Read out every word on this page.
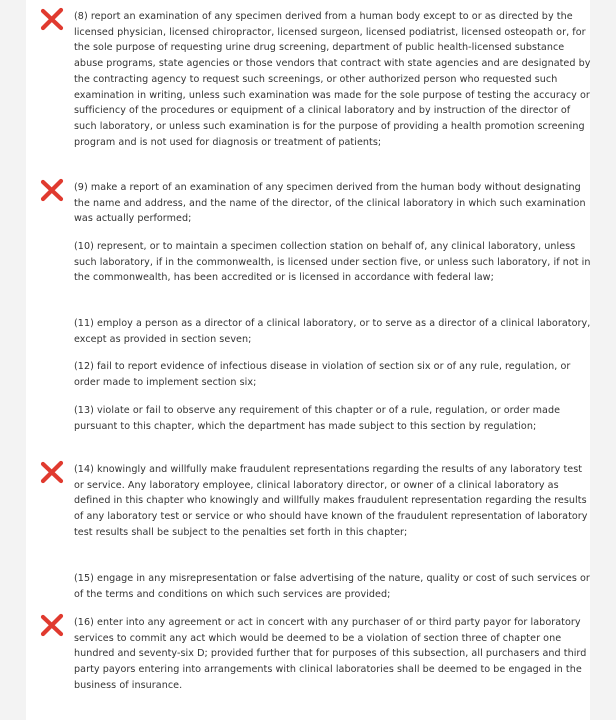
(8) report an examination of any specimen derived from a human body except to or as directed by the licensed physician, licensed chiropractor, licensed surgeon, licensed podiatrist, licensed osteopath or, for the sole purpose of requesting urine drug screening, department of public health-licensed substance abuse programs, state agencies or those vendors that contract with state agencies and are designated by the contracting agency to request such screenings, or other authorized person who requested such examination in writing, unless such examination was made for the sole purpose of testing the accuracy or sufficiency of the procedures or equipment of a clinical laboratory and by instruction of the director of such laboratory, or unless such examination is for the purpose of providing a health promotion screening program and is not used for diagnosis or treatment of patients;

(9) make a report of an examination of any specimen derived from the human body without designating the name and address, and the name of the director, of the clinical laboratory in which such examination was actually performed;

(10) represent, or to maintain a specimen collection station on behalf of, any clinical laboratory, unless such laboratory, if in the commonwealth, is licensed under section five, or unless such laboratory, if not in the commonwealth, has been accredited or is licensed in accordance with federal law;

(11) employ a person as a director of a clinical laboratory, or to serve as a director of a clinical laboratory, except as provided in section seven;

(12) fail to report evidence of infectious disease in violation of section six or of any rule, regulation, or order made to implement section six;

(13) violate or fail to observe any requirement of this chapter or of a rule, regulation, or order made pursuant to this chapter, which the department has made subject to this section by regulation;

(14) knowingly and willfully make fraudulent representations regarding the results of any laboratory test or service. Any laboratory employee, clinical laboratory director, or owner of a clinical laboratory as defined in this chapter who knowingly and willfully makes fraudulent representation regarding the results of any laboratory test or service or who should have known of the fraudulent representation of laboratory test results shall be subject to the penalties set forth in this chapter;

(15) engage in any misrepresentation or false advertising of the nature, quality or cost of such services or of the terms and conditions on which such services are provided;

(16) enter into any agreement or act in concert with any purchaser of or third party payor for laboratory services to commit any act which would be deemed to be a violation of section three of chapter one hundred and seventy-six D; provided further that for purposes of this subsection, all purchasers and third party payors entering into arrangements with clinical laboratories shall be deemed to be engaged in the business of insurance.
